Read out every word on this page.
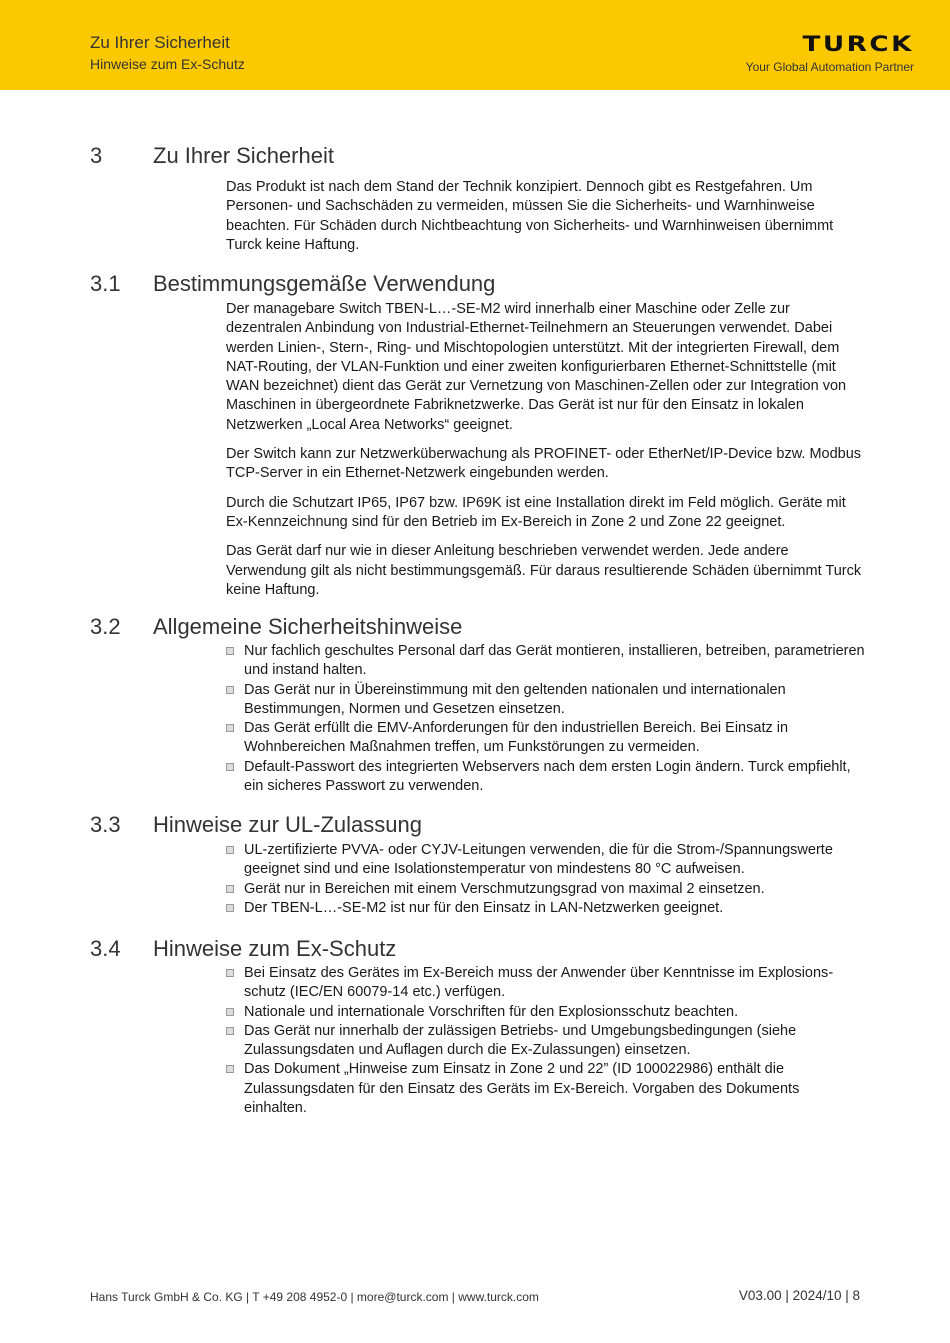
Zu Ihrer Sicherheit
Hinweise zum Ex-Schutz
TURCK
Your Global Automation Partner
3 Zu Ihrer Sicherheit

Das Produkt ist nach dem Stand der Technik konzipiert. Dennoch gibt es Restgefahren. Um Personen- und Sachschäden zu vermeiden, müssen Sie die Sicherheits- und Warnhinweise beachten. Für Schäden durch Nichtbeachtung von Sicherheits- und Warnhinweisen übernimmt Turck keine Haftung.

3.1 Bestimmungsgemäße Verwendung

Der managebare Switch TBEN-L…-SE-M2 wird innerhalb einer Maschine oder Zelle zur dezentralen Anbindung von Industrial-Ethernet-Teilnehmern an Steuerungen verwendet. Dabei werden Linien-, Stern-, Ring- und Mischtopologien unterstützt. Mit der integrierten Firewall, dem NAT-Routing, der VLAN-Funktion und einer zweiten konfigurierbaren Ethernet-Schnittstelle (mit WAN bezeichnet) dient das Gerät zur Vernetzung von Maschinen-Zellen oder zur Integration von Maschinen in übergeordnete Fabriknetzwerke. Das Gerät ist nur für den Einsatz in lokalen Netzwerken „Local Area Networks“ geeignet.

Der Switch kann zur Netzwerküberwachung als PROFINET- oder EtherNet/IP-Device bzw. Modbus TCP-Server in ein Ethernet-Netzwerk eingebunden werden.

Durch die Schutzart IP65, IP67 bzw. IP69K ist eine Installation direkt im Feld möglich. Geräte mit Ex-Kennzeichnung sind für den Betrieb im Ex-Bereich in Zone 2 und Zone 22 geeignet.

Das Gerät darf nur wie in dieser Anleitung beschrieben verwendet werden. Jede andere Verwendung gilt als nicht bestimmungsgemäß. Für daraus resultierende Schäden übernimmt Turck keine Haftung.

3.2 Allgemeine Sicherheitshinweise
Nur fachlich geschultes Personal darf das Gerät montieren, installieren, betreiben, parametrieren und instand halten.
Das Gerät nur in Übereinstimmung mit den geltenden nationalen und internationalen Bestimmungen, Normen und Gesetzen einsetzen.
Das Gerät erfüllt die EMV-Anforderungen für den industriellen Bereich. Bei Einsatz in Wohnbereichen Maßnahmen treffen, um Funkstörungen zu vermeiden.
Default-Passwort des integrierten Webservers nach dem ersten Login ändern. Turck empfiehlt, ein sicheres Passwort zu verwenden.
3.3 Hinweise zur UL-Zulassung
UL-zertifizierte PVVA- oder CYJV-Leitungen verwenden, die für die Strom-/Spannungswerte geeignet sind und eine Isolationstemperatur von mindestens 80 °C aufweisen.
Gerät nur in Bereichen mit einem Verschmutzungsgrad von maximal 2 einsetzen.
Der TBEN-L…-SE-M2 ist nur für den Einsatz in LAN-Netzwerken geeignet.
3.4 Hinweise zum Ex-Schutz
Bei Einsatz des Gerätes im Ex-Bereich muss der Anwender über Kenntnisse im Explosionsschutz (IEC/EN 60079-14 etc.) verfügen.
Nationale und internationale Vorschriften für den Explosionsschutz beachten.
Das Gerät nur innerhalb der zulässigen Betriebs- und Umgebungsbedingungen (siehe Zulassungsdaten und Auflagen durch die Ex-Zulassungen) einsetzen.
Das Dokument „Hinweise zum Einsatz in Zone 2 und 22” (ID 100022986) enthält die Zulassungsdaten für den Einsatz des Geräts im Ex-Bereich. Vorgaben des Dokuments einhalten.
Hans Turck GmbH & Co. KG | T +49 208 4952-0 | more@turck.com | www.turck.com	V03.00 | 2024/10 | 8
